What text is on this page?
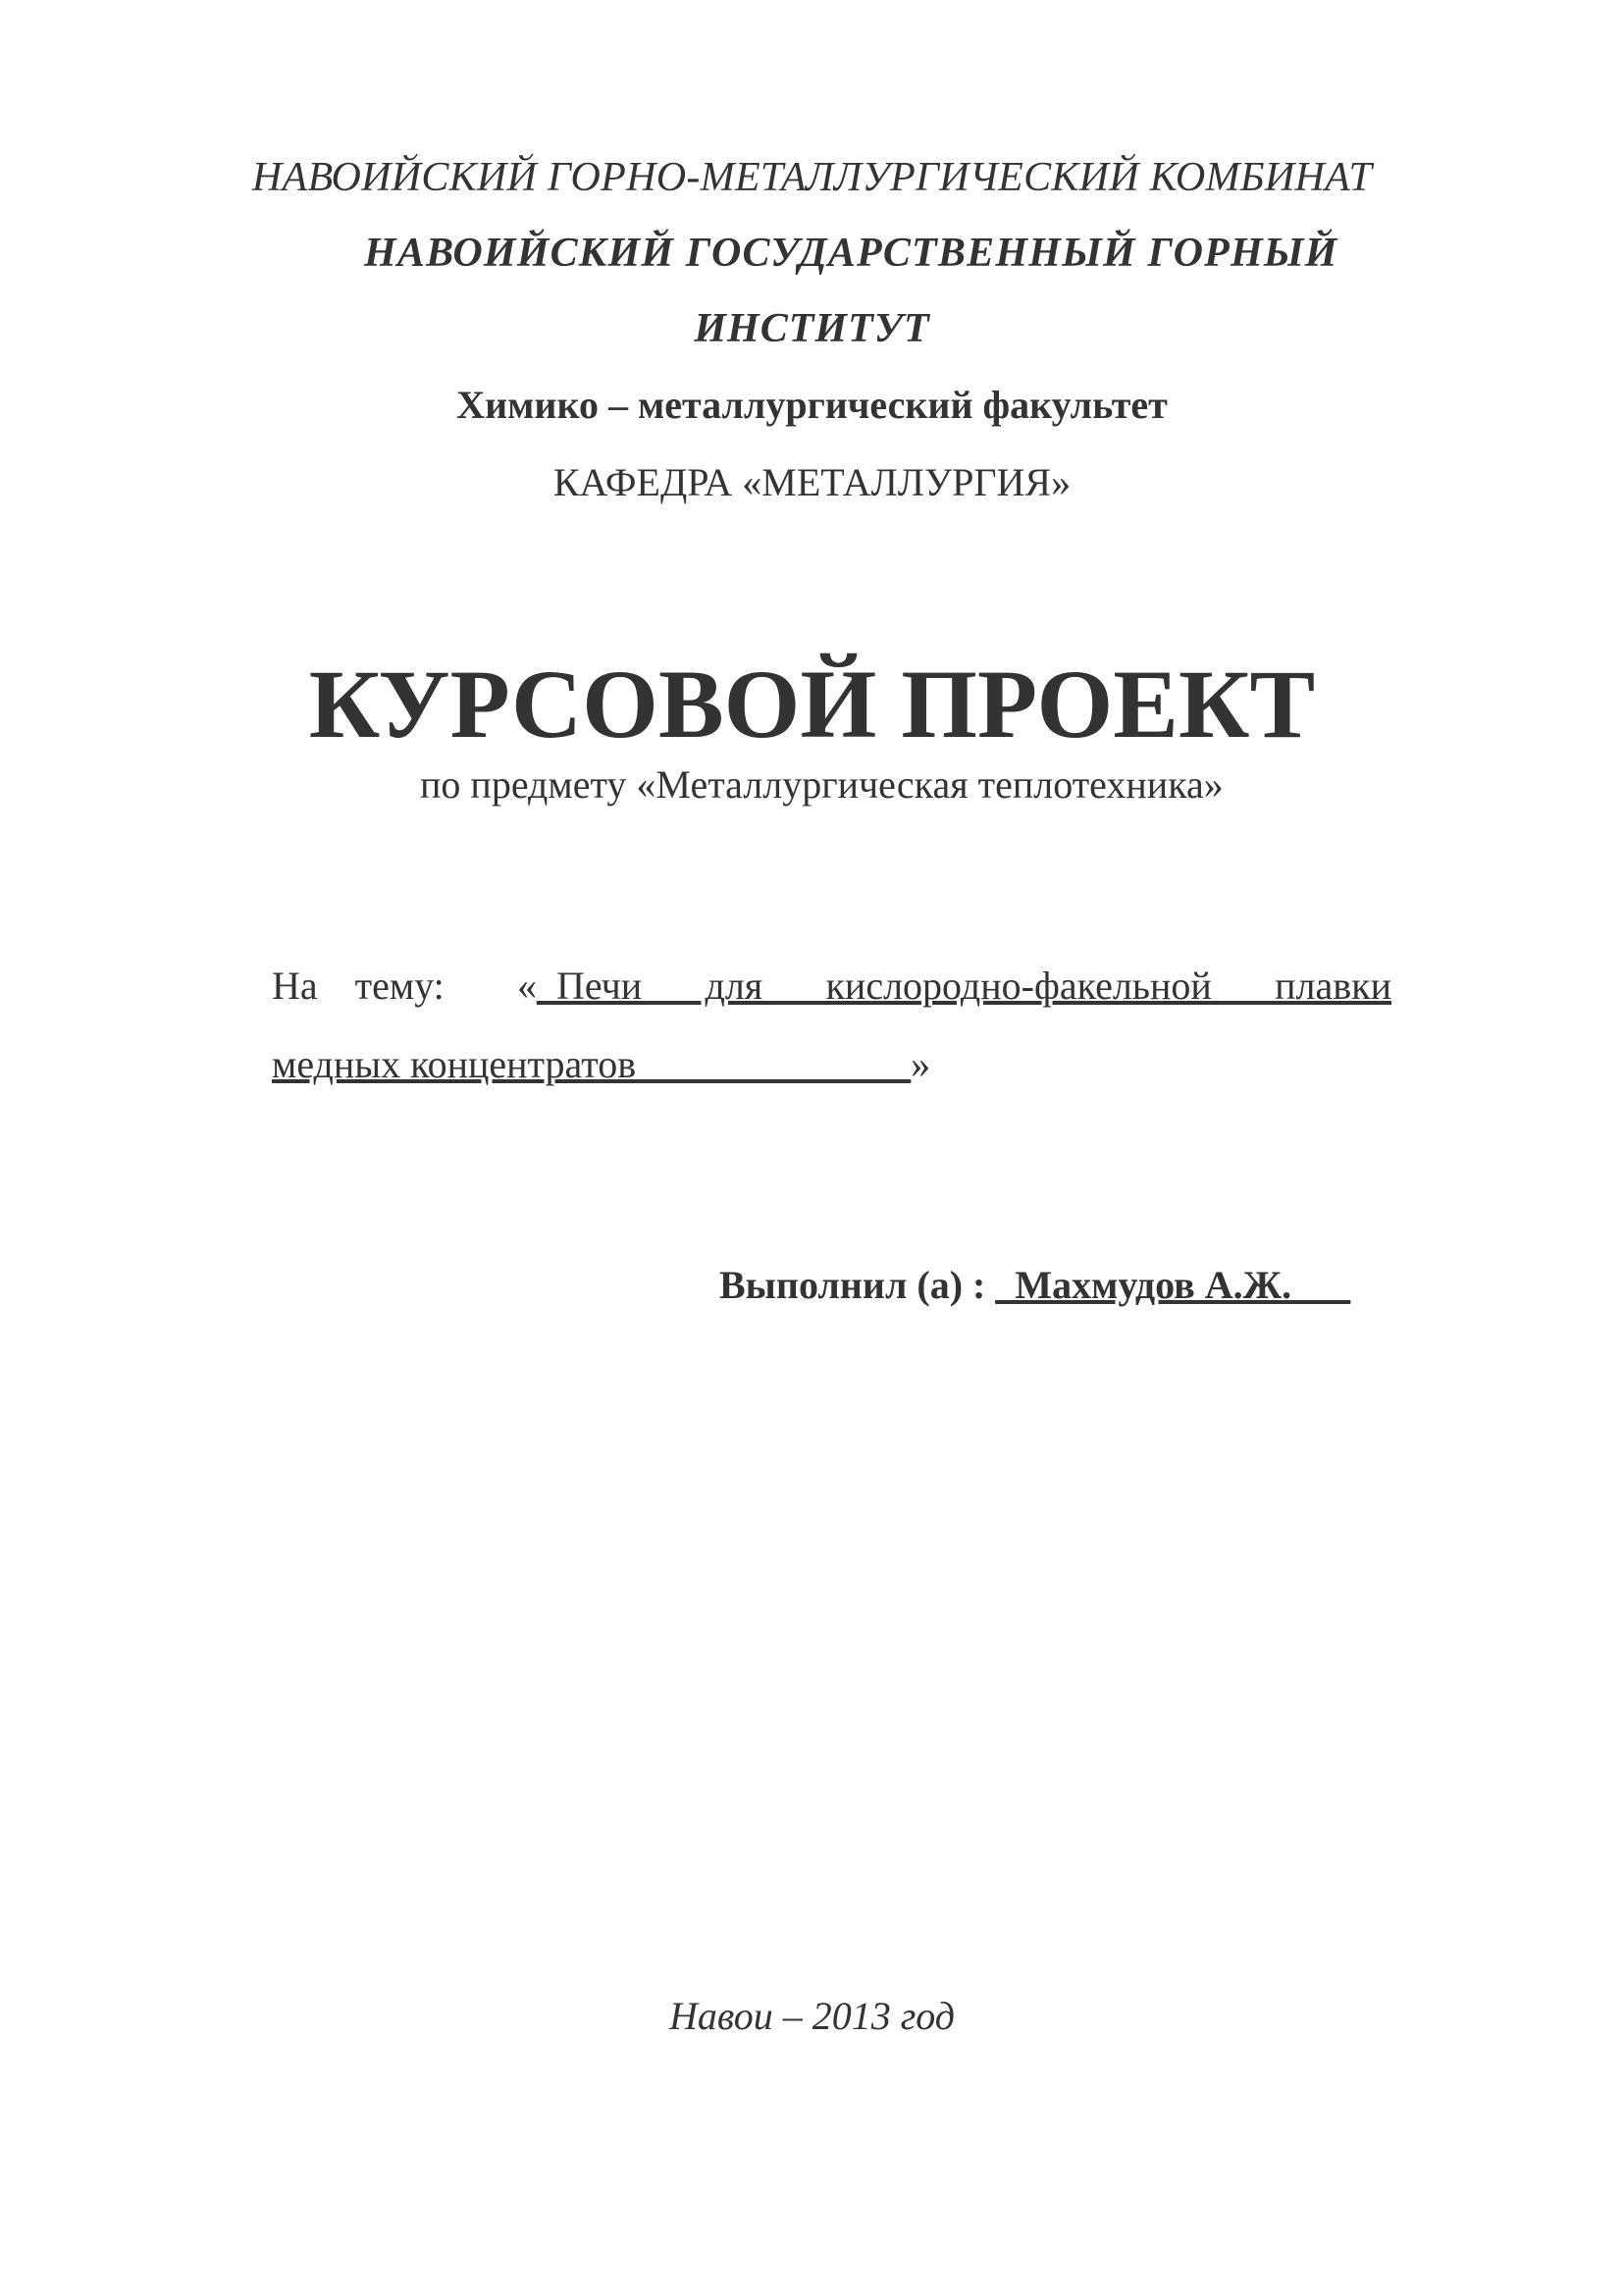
НАВОИЙСКИЙ ГОРНО-МЕТАЛЛУРГИЧЕСКИЙ КОМБИНАТ
НАВОИЙСКИЙ ГОСУДАРСТВЕННЫЙ ГОРНЫЙ
ИНСТИТУТ
Химико – металлургический факультет
КАФЕДРА «МЕТАЛЛУРГИЯ»
КУРСОВОЙ ПРОЕКТ
по предмету «Металлургическая теплотехника»
На тему:	« _Печи для кислородно-факельной плавки
медных концентратов______________»
Выполнил (а) : _Махмудов А.Ж.___
Навои – 2013 год
